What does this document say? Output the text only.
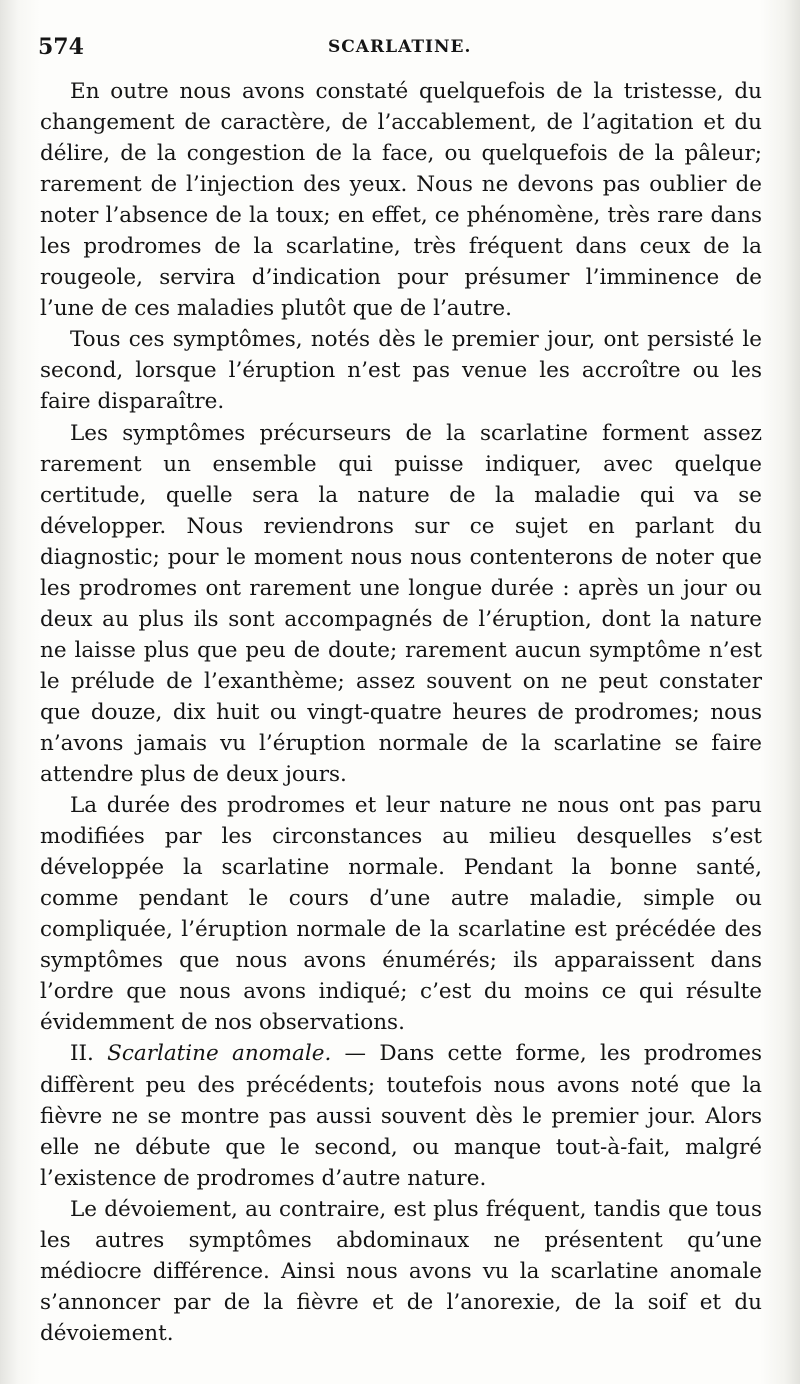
574	SCARLATINE.

En outre nous avons constaté quelquefois de la tristesse, du changement de caractère, de l’accablement, de l’agitation et du délire, de la congestion de la face, ou quelquefois de la pâleur; rarement de l’injection des yeux. Nous ne devons pas oublier de noter l’absence de la toux; en effet, ce phénomène, très rare dans les prodromes de la scarlatine, très fréquent dans ceux de la rougeole, servira d’indication pour présumer l’imminence de l’une de ces maladies plutôt que de l’autre.

Tous ces symptômes, notés dès le premier jour, ont persisté le second, lorsque l’éruption n’est pas venue les accroître ou les faire disparaître.

Les symptômes précurseurs de la scarlatine forment assez rarement un ensemble qui puisse indiquer, avec quelque certitude, quelle sera la nature de la maladie qui va se développer. Nous reviendrons sur ce sujet en parlant du diagnostic; pour le moment nous nous contenterons de noter que les prodromes ont rarement une longue durée : après un jour ou deux au plus ils sont accompagnés de l’éruption, dont la nature ne laisse plus que peu de doute; rarement aucun symptôme n’est le prélude de l’exanthème; assez souvent on ne peut constater que douze, dix huit ou vingt-quatre heures de prodromes; nous n’avons jamais vu l’éruption normale de la scarlatine se faire attendre plus de deux jours.

La durée des prodromes et leur nature ne nous ont pas paru modifiées par les circonstances au milieu desquelles s’est développée la scarlatine normale. Pendant la bonne santé, comme pendant le cours d’une autre maladie, simple ou compliquée, l’éruption normale de la scarlatine est précédée des symptômes que nous avons énumérés; ils apparaissent dans l’ordre que nous avons indiqué; c’est du moins ce qui résulte évidemment de nos observations.

II. Scarlatine anomale. — Dans cette forme, les prodromes diffèrent peu des précédents; toutefois nous avons noté que la fièvre ne se montre pas aussi souvent dès le premier jour. Alors elle ne débute que le second, ou manque tout-à-fait, malgré l’existence de prodromes d’autre nature.

Le dévoiement, au contraire, est plus fréquent, tandis que tous les autres symptômes abdominaux ne présentent qu’une médiocre différence. Ainsi nous avons vu la scarlatine anomale s’annoncer par de la fièvre et de l’anorexie, de la soif et du dévoiement.
